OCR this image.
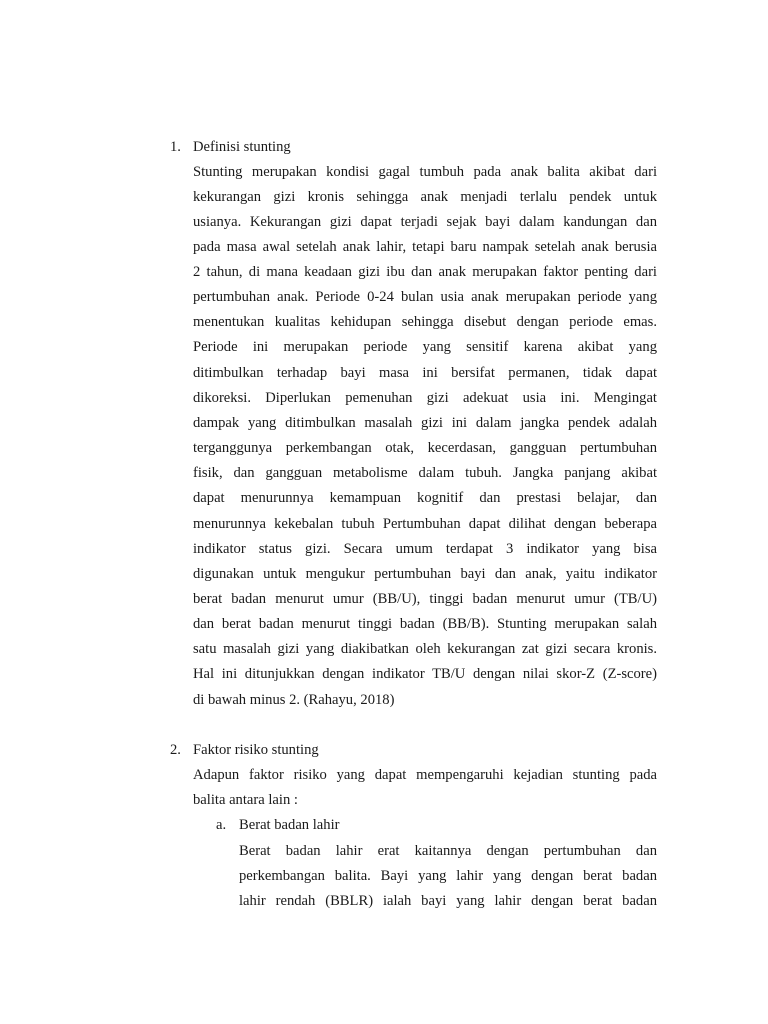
1. Definisi stunting
Stunting merupakan kondisi gagal tumbuh pada anak balita akibat dari
kekurangan gizi kronis sehingga anak menjadi terlalu pendek untuk
usianya. Kekurangan gizi dapat terjadi sejak bayi dalam kandungan dan
pada masa awal setelah anak lahir, tetapi baru nampak setelah anak berusia
2 tahun, di mana keadaan gizi ibu dan anak merupakan faktor penting dari
pertumbuhan anak. Periode 0-24 bulan usia anak merupakan periode yang
menentukan kualitas kehidupan sehingga disebut dengan periode emas.
Periode ini merupakan periode yang sensitif karena akibat yang
ditimbulkan terhadap bayi masa ini bersifat permanen, tidak dapat
dikoreksi. Diperlukan pemenuhan gizi adekuat usia ini. Mengingat
dampak yang ditimbulkan masalah gizi ini dalam jangka pendek adalah
terganggunya perkembangan otak, kecerdasan, gangguan pertumbuhan
fisik, dan gangguan metabolisme dalam tubuh. Jangka panjang akibat
dapat menurunnya kemampuan kognitif dan prestasi belajar, dan
menurunnya kekebalan tubuh Pertumbuhan dapat dilihat dengan beberapa
indikator status gizi. Secara umum terdapat 3 indikator yang bisa
digunakan untuk mengukur pertumbuhan bayi dan anak, yaitu indikator
berat badan menurut umur (BB/U), tinggi badan menurut umur (TB/U)
dan berat badan menurut tinggi badan (BB/B). Stunting merupakan salah
satu masalah gizi yang diakibatkan oleh kekurangan zat gizi secara kronis.
Hal ini ditunjukkan dengan indikator TB/U dengan nilai skor-Z (Z-score)
di bawah minus 2. (Rahayu, 2018)
2. Faktor risiko stunting
Adapun faktor risiko yang dapat mempengaruhi kejadian stunting pada
balita antara lain :
a. Berat badan lahir
Berat badan lahir erat kaitannya dengan pertumbuhan dan
perkembangan balita. Bayi yang lahir yang dengan berat badan
lahir rendah (BBLR) ialah bayi yang lahir dengan berat badan
